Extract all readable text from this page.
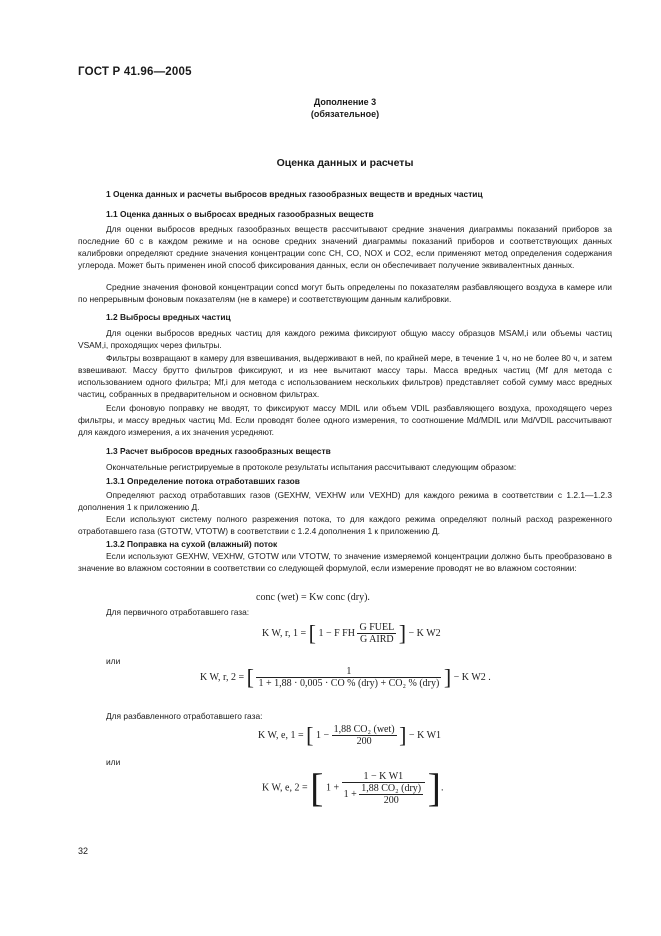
ГОСТ Р 41.96—2005
Дополнение 3
(обязательное)
Оценка данных и расчеты
1 Оценка данных и расчеты выбросов вредных газообразных веществ и вредных частиц
1.1 Оценка данных о выбросах вредных газообразных веществ
Для оценки выбросов вредных газообразных веществ рассчитывают средние значения диаграммы показаний приборов за последние 60 с в каждом режиме и на основе средних значений диаграммы показаний приборов и соответствующих данных калибровки определяют средние значения концентрации conc CH, CO, NOX и CO2, если применяют метод определения содержания углерода. Может быть применен иной способ фиксирования данных, если он обеспечивает получение эквивалентных данных.
Средние значения фоновой концентрации concd могут быть определены по показателям разбавляющего воздуха в камере или по непрерывным фоновым показателям (не в камере) и соответствующим данным калибровки.
1.2 Выбросы вредных частиц
Для оценки выбросов вредных частиц для каждого режима фиксируют общую массу образцов MSAM,i или объемы частиц VSAM,i, проходящих через фильтры.
Фильтры возвращают в камеру для взвешивания, выдерживают в ней, по крайней мере, в течение 1 ч, но не более 80 ч, и затем взвешивают. Массу брутто фильтров фиксируют, и из нее вычитают массу тары. Масса вредных частиц (Mf для метода с использованием одного фильтра; Mf,i для метода с использованием нескольких фильтров) представляет собой сумму масс вредных частиц, собранных в предварительном и основном фильтрах.
Если фоновую поправку не вводят, то фиксируют массу MDIL или объем VDIL разбавляющего воздуха, проходящего через фильтры, и массу вредных частиц Md. Если проводят более одного измерения, то соотношение Md/MDIL или Md/VDIL рассчитывают для каждого измерения, а их значения усредняют.
1.3 Расчет выбросов вредных газообразных веществ
Окончательные регистрируемые в протоколе результаты испытания рассчитывают следующим образом:
1.3.1 Определение потока отработавших газов
Определяют расход отработавших газов (GEXHW, VEXHW или VEXHD) для каждого режима в соответствии с 1.2.1—1.2.3 дополнения 1 к приложению Д.
Если используют систему полного разрежения потока, то для каждого режима определяют полный расход разреженного отработавшего газа (GTOTW, VTOTW) в соответствии с 1.2.4 дополнения 1 к приложению Д.
1.3.2 Поправка на сухой (влажный) поток
Если используют GEXHW, VEXHW, GTOTW или VTOTW, то значение измеряемой концентрации должно быть преобразовано в значение во влажном состоянии в соответствии со следующей формулой, если измерение проводят не во влажном состоянии:
conc (wet) = Kw conc (dry).
Для первичного отработавшего газа:
K W, r, 1 = [ 1 − F FH $\frac{\text{G FUEL}}{\text{G AIRD}}$ ] − K W2
или
K W, r, 2 = [ $\frac{1}{\text{1 + 1,88 · 0,005 · CO \% (dry) + CO₂ \% (dry)}}$ ] − K W2 .
Для разбавленного отработавшего газа:
K W, e, 1 = [ $1 - \frac{\text{1,88 CO₂ (wet)}}{200}$ ] − K W1
или
K W, e, 2 = [ $1 + \frac{\text{1 − K W1}}{1 + \frac{\text{1,88 CO₂ (dry)}}{200}}$ ].
32
